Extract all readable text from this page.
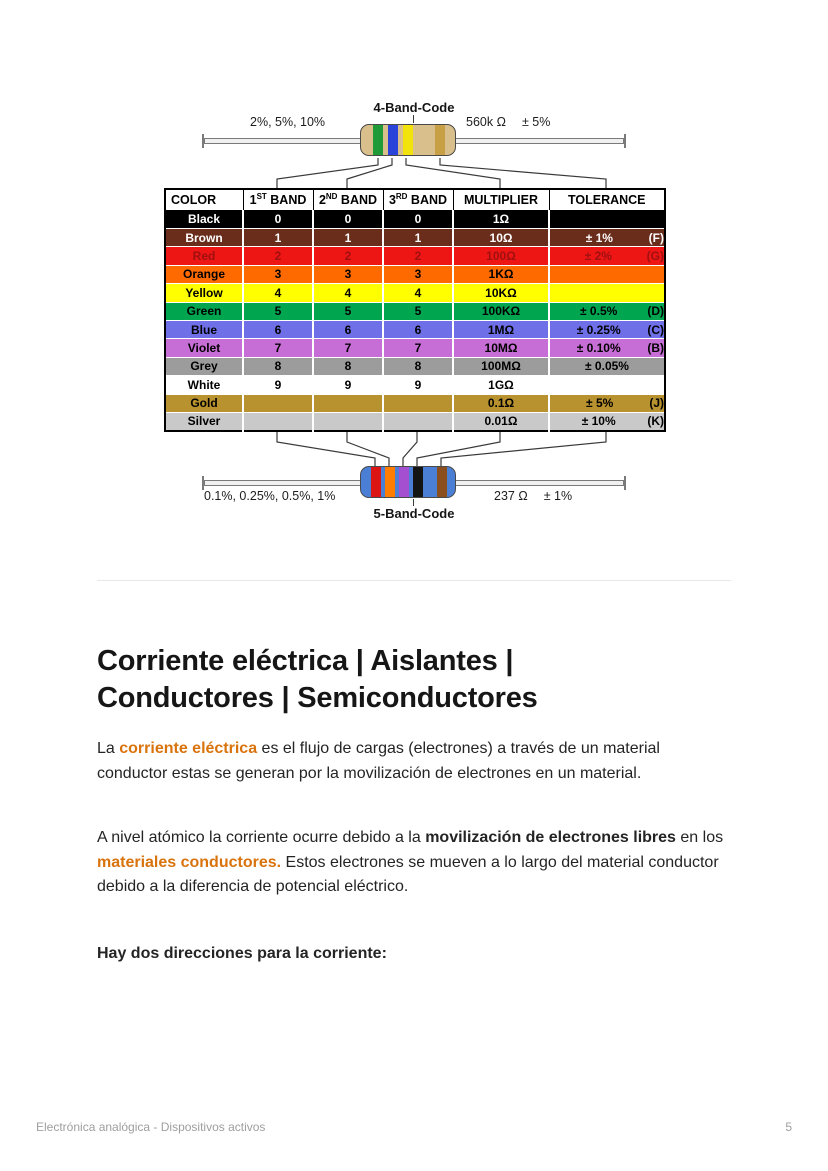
4-Band-Code
2%, 5%, 10%	560k Ω ± 5%
COLOR	1ST BAND	2ND BAND	3RD BAND	MULTIPLIER	TOLERANCE
Black	0	0	0	1Ω	

Brown	1	1	1	10Ω	± 1% (F)

Red	2	2	2	100Ω	± 2% (G)

Orange	3	3	3	1KΩ	

Yellow	4	4	4	10KΩ	

Green	5	5	5	100KΩ	± 0.5% (D)

Blue	6	6	6	1MΩ	± 0.25% (C)

Violet	7	7	7	10MΩ	± 0.10% (B)

Grey	8	8	8	100MΩ	± 0.05%

White	9	9	9	1GΩ	

Gold				0.1Ω	± 5% (J)

Silver				0.01Ω	± 10% (K)
0.1%, 0.25%, 0.5%, 1%	237 Ω ± 1%
5-Band-Code
Corriente eléctrica | Aislantes |
Conductores | Semiconductores

La corriente eléctrica es el flujo de cargas (electrones) a través de un material conductor estas se generan por la movilización de electrones en un material.

A nivel atómico la corriente ocurre debido a la movilización de electrones libres en los materiales conductores. Estos electrones se mueven a lo largo del material conductor debido a la diferencia de potencial eléctrico.

Hay dos direcciones para la corriente:

Electrónica analógica - Dispositivos activos	5
